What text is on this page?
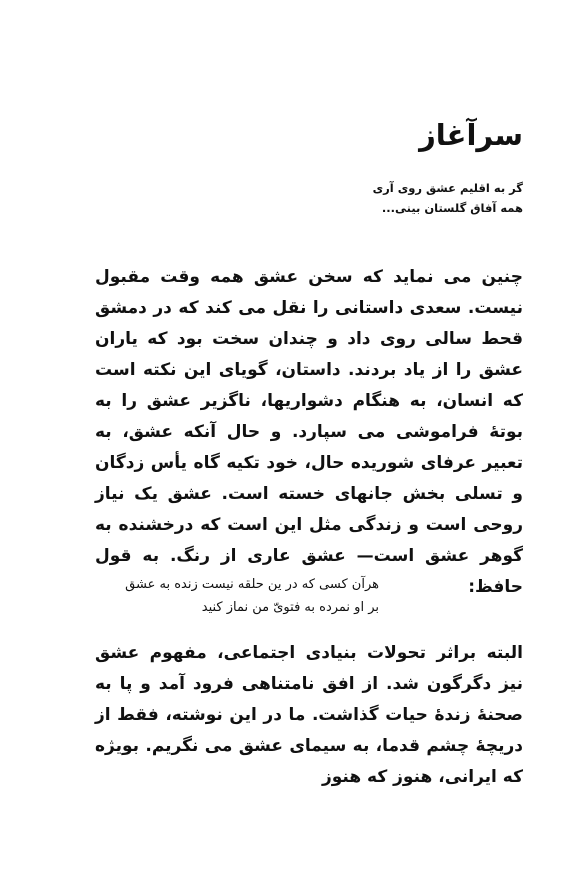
سرآغاز
گر به اقلیم عشق روی آری
همه آفاق گلستان بینی...
چنین می نماید که سخن عشق همه وقت مقبول نیست. سعدی داستانی را نقل می کند که در دمشق قحط سالی روی داد و چندان سخت بود که یاران عشق را از یاد بردند. داستان، گویای این نکته است که انسان، به هنگام دشواریها، ناگزیر عشق را به بوتهٔ فراموشی می سپارد. و حال آنکه عشق، به تعبیر عرفای شوریده حال، خود تکیه گاه یأس زدگان و تسلی بخش جانهای خسته است. عشق یک نیاز روحی است و زندگی مثل این است که درخشنده به گوهر عشق است— عشق عاری از رنگ. به قول حافظ:
هرآن کسی که در ین حلقه نیست زنده به عشق
بر او نمرده به فتویّ من نماز کنید
البته براثر تحولات بنیادی اجتماعی، مفهوم عشق نیز دگرگون شد. از افق نامتناهی فرود آمد و پا به صحنهٔ زندهٔ حیات گذاشت. ما در این نوشته، فقط از دریچهٔ چشم قدما، به سیمای عشق می نگریم. بویژه که ایرانی، هنوز که هنوز
